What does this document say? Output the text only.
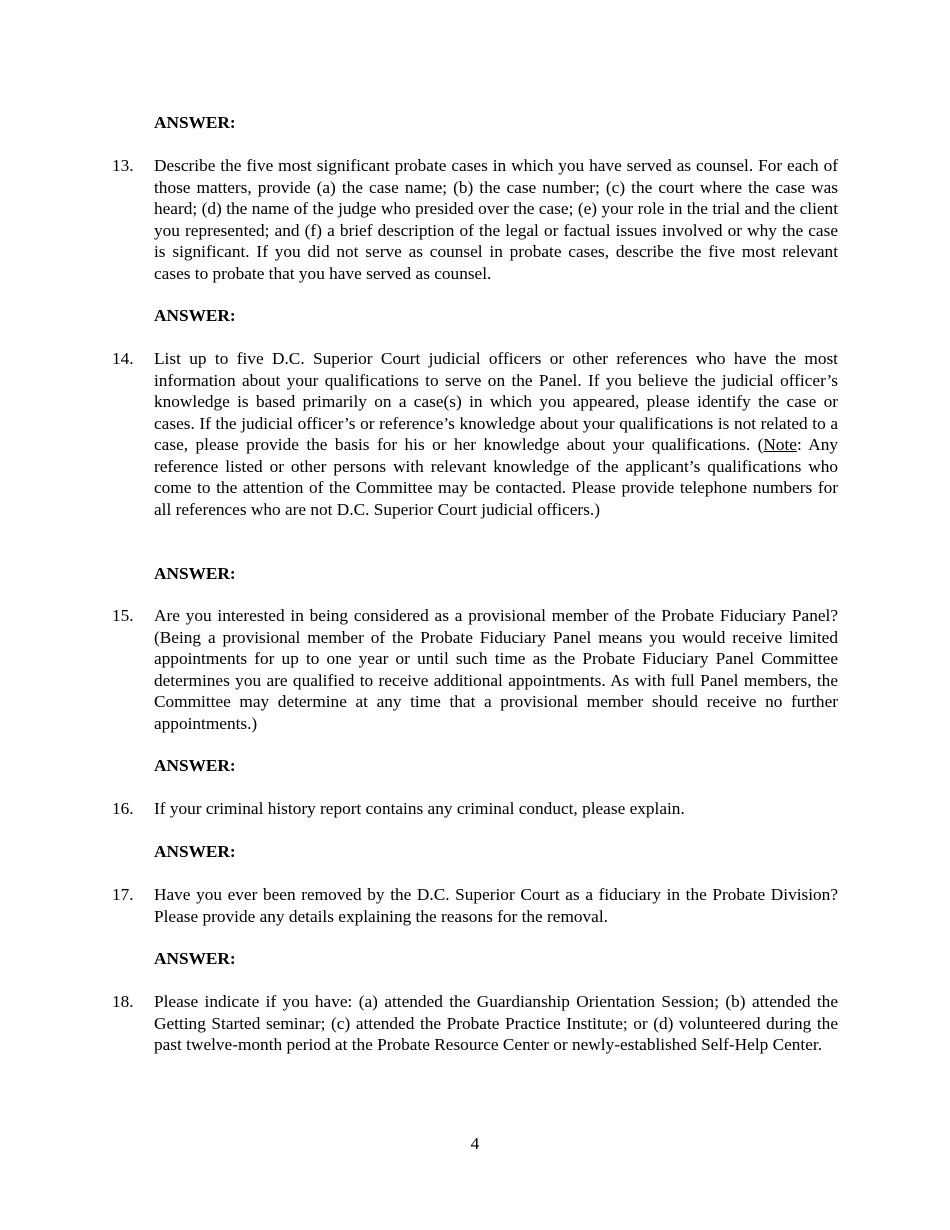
ANSWER:

13. Describe the five most significant probate cases in which you have served as counsel. For each of those matters, provide (a) the case name; (b) the case number; (c) the court where the case was heard; (d) the name of the judge who presided over the case; (e) your role in the trial and the client you represented; and (f) a brief description of the legal or factual issues involved or why the case is significant. If you did not serve as counsel in probate cases, describe the five most relevant cases to probate that you have served as counsel.

ANSWER:

14. List up to five D.C. Superior Court judicial officers or other references who have the most information about your qualifications to serve on the Panel. If you believe the judicial officer’s knowledge is based primarily on a case(s) in which you appeared, please identify the case or cases. If the judicial officer’s or reference’s knowledge about your qualifications is not related to a case, please provide the basis for his or her knowledge about your qualifications. (Note: Any reference listed or other persons with relevant knowledge of the applicant’s qualifications who come to the attention of the Committee may be contacted. Please provide telephone numbers for all references who are not D.C. Superior Court judicial officers.)

ANSWER:

15. Are you interested in being considered as a provisional member of the Probate Fiduciary Panel? (Being a provisional member of the Probate Fiduciary Panel means you would receive limited appointments for up to one year or until such time as the Probate Fiduciary Panel Committee determines you are qualified to receive additional appointments. As with full Panel members, the Committee may determine at any time that a provisional member should receive no further appointments.)

ANSWER:

16. If your criminal history report contains any criminal conduct, please explain.

ANSWER:

17. Have you ever been removed by the D.C. Superior Court as a fiduciary in the Probate Division? Please provide any details explaining the reasons for the removal.

ANSWER:

18. Please indicate if you have: (a) attended the Guardianship Orientation Session; (b) attended the Getting Started seminar; (c) attended the Probate Practice Institute; or (d) volunteered during the past twelve-month period at the Probate Resource Center or newly-established Self-Help Center.

4
